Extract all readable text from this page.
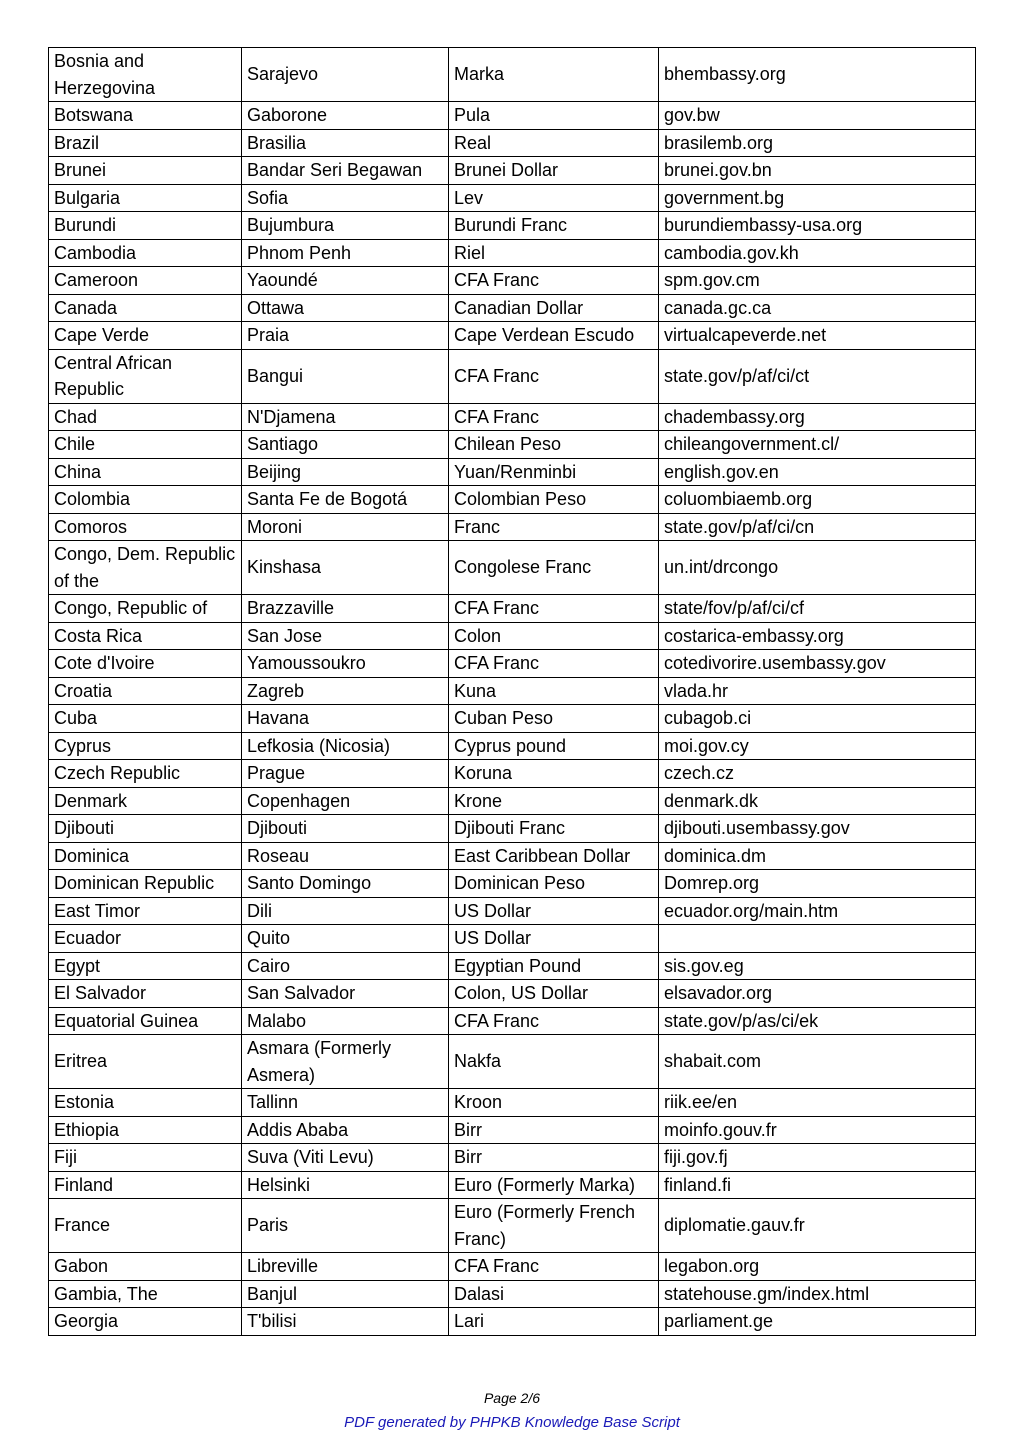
Bosnia and Herzegovina	Sarajevo	Marka	bhembassy.org
Botswana	Gaborone	Pula	gov.bw
Brazil	Brasilia	Real	brasilemb.org
Brunei	Bandar Seri Begawan	Brunei Dollar	brunei.gov.bn
Bulgaria	Sofia	Lev	government.bg
Burundi	Bujumbura	Burundi Franc	burundiembassy-usa.org
Cambodia	Phnom Penh	Riel	cambodia.gov.kh
Cameroon	Yaoundé	CFA Franc	spm.gov.cm
Canada	Ottawa	Canadian Dollar	canada.gc.ca
Cape Verde	Praia	Cape Verdean Escudo	virtualcapeverde.net
Central African Republic	Bangui	CFA Franc	state.gov/p/af/ci/ct
Chad	N'Djamena	CFA Franc	chadembassy.org
Chile	Santiago	Chilean Peso	chileangovernment.cl/
China	Beijing	Yuan/Renminbi	english.gov.en
Colombia	Santa Fe de Bogotá	Colombian Peso	coluombiaemb.org
Comoros	Moroni	Franc	state.gov/p/af/ci/cn
Congo, Dem. Republic of the	Kinshasa	Congolese Franc	un.int/drcongo
Congo, Republic of	Brazzaville	CFA Franc	state/fov/p/af/ci/cf
Costa Rica	San Jose	Colon	costarica-embassy.org
Cote d'Ivoire	Yamoussoukro	CFA Franc	cotedivorire.usembassy.gov
Croatia	Zagreb	Kuna	vlada.hr
Cuba	Havana	Cuban Peso	cubagob.ci
Cyprus	Lefkosia (Nicosia)	Cyprus pound	moi.gov.cy
Czech Republic	Prague	Koruna	czech.cz
Denmark	Copenhagen	Krone	denmark.dk
Djibouti	Djibouti	Djibouti Franc	djibouti.usembassy.gov
Dominica	Roseau	East Caribbean Dollar	dominica.dm
Dominican Republic	Santo Domingo	Dominican Peso	Domrep.org
East Timor	Dili	US Dollar	ecuador.org/main.htm
Ecuador	Quito	US Dollar	
Egypt	Cairo	Egyptian Pound	sis.gov.eg
El Salvador	San Salvador	Colon, US Dollar	elsavador.org
Equatorial Guinea	Malabo	CFA Franc	state.gov/p/as/ci/ek
Eritrea	Asmara (Formerly Asmera)	Nakfa	shabait.com
Estonia	Tallinn	Kroon	riik.ee/en
Ethiopia	Addis Ababa	Birr	moinfo.gouv.fr
Fiji	Suva (Viti Levu)	Birr	fiji.gov.fj
Finland	Helsinki	Euro (Formerly Marka)	finland.fi
France	Paris	Euro (Formerly French Franc)	diplomatie.gauv.fr
Gabon	Libreville	CFA Franc	legabon.org
Gambia, The	Banjul	Dalasi	statehouse.gm/index.html
Georgia	T'bilisi	Lari	parliament.ge
Page 2/6
PDF generated by PHPKB Knowledge Base Script
